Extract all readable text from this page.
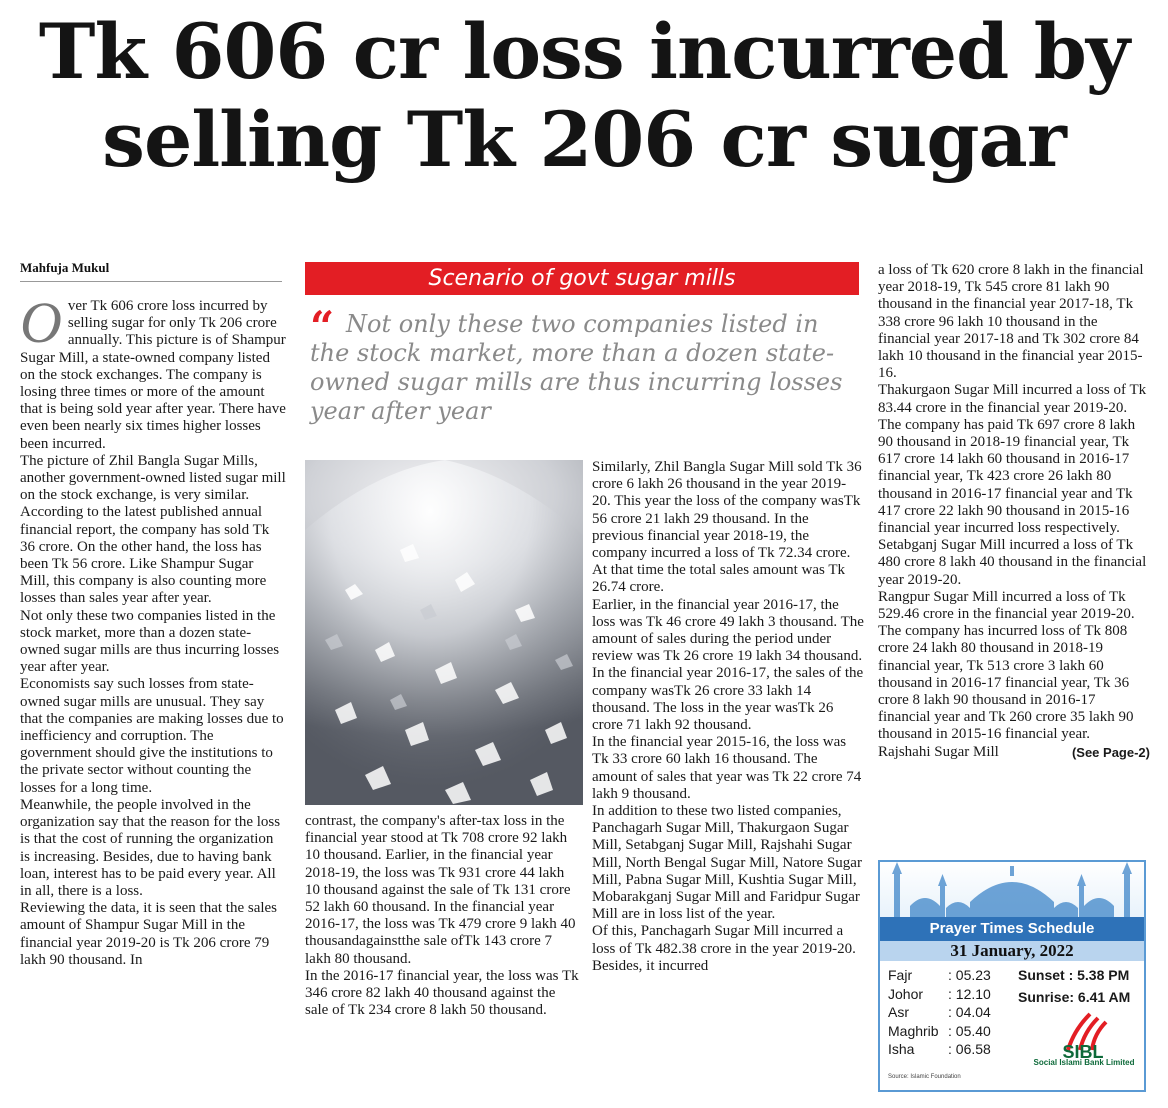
Tk 606 cr loss incurred by
selling Tk 206 cr sugar
Mahfuja Mukul

Over Tk 606 crore loss incurred by selling sugar for only Tk 206 crore annually. This picture is of Shampur Sugar Mill, a state-owned company listed on the stock exchanges. The company is losing three times or more of the amount that is being sold year after year. There have even been nearly six times higher losses been incurred.

The picture of Zhil Bangla Sugar Mills, another government-owned listed sugar mill on the stock exchange, is very similar. According to the latest published annual financial report, the company has sold Tk 36 crore. On the other hand, the loss has been Tk 56 crore. Like Shampur Sugar Mill, this company is also counting more losses than sales year after year.

Not only these two companies listed in the stock market, more than a dozen state-owned sugar mills are thus incurring losses year after year.

Economists say such losses from state-owned sugar mills are unusual. They say that the companies are making losses due to inefficiency and corruption. The government should give the institutions to the private sector without counting the losses for a long time.

Meanwhile, the people involved in the organization say that the reason for the loss is that the cost of running the organization is increasing. Besides, due to having bank loan, interest has to be paid every year. All in all, there is a loss.

Reviewing the data, it is seen that the sales amount of Shampur Sugar Mill in the financial year 2019-20 is Tk 206 crore 79 lakh 90 thousand. In

Scenario of govt sugar mills
“ Not only these two companies listed in the stock market, more than a dozen state-owned sugar mills are thus incurring losses year after year

contrast, the company's after-tax loss in the financial year stood at Tk 708 crore 92 lakh 10 thousand. Earlier, in the financial year 2018-19, the loss was Tk 931 crore 44 lakh 10 thousand against the sale of Tk 131 crore 52 lakh 60 thousand. In the financial year 2016-17, the loss was Tk 479 crore 9 lakh 40 thousandagainstthe sale ofTk 143 crore 7 lakh 80 thousand.

In the 2016-17 financial year, the loss was Tk 346 crore 82 lakh 40 thousand against the sale of Tk 234 crore 8 lakh 50 thousand.

Similarly, Zhil Bangla Sugar Mill sold Tk 36 crore 6 lakh 26 thousand in the year 2019-20. This year the loss of the company wasTk 56 crore 21 lakh 29 thousand. In the previous financial year 2018-19, the company incurred a loss of Tk 72.34 crore. At that time the total sales amount was Tk 26.74 crore.

Earlier, in the financial year 2016-17, the loss was Tk 46 crore 49 lakh 3 thousand. The amount of sales during the period under review was Tk 26 crore 19 lakh 34 thousand. In the financial year 2016-17, the sales of the company wasTk 26 crore 33 lakh 14 thousand. The loss in the year wasTk 26 crore 71 lakh 92 thousand.

In the financial year 2015-16, the loss was Tk 33 crore 60 lakh 16 thousand. The amount of sales that year was Tk 22 crore 74 lakh 9 thousand.

In addition to these two listed companies, Panchagarh Sugar Mill, Thakurgaon Sugar Mill, Setabganj Sugar Mill, Rajshahi Sugar Mill, North Bengal Sugar Mill, Natore Sugar Mill, Pabna Sugar Mill, Kushtia Sugar Mill, Mobarakganj Sugar Mill and Faridpur Sugar Mill are in loss list of the year.

Of this, Panchagarh Sugar Mill incurred a loss of Tk 482.38 crore in the year 2019-20. Besides, it incurred

a loss of Tk 620 crore 8 lakh in the financial year 2018-19, Tk 545 crore 81 lakh 90 thousand in the financial year 2017-18, Tk 338 crore 96 lakh 10 thousand in the financial year 2017-18 and Tk 302 crore 84 lakh 10 thousand in the financial year 2015-16.

Thakurgaon Sugar Mill incurred a loss of Tk 83.44 crore in the financial year 2019-20. The company has paid Tk 697 crore 8 lakh 90 thousand in 2018-19 financial year, Tk 617 crore 14 lakh 60 thousand in 2016-17 financial year, Tk 423 crore 26 lakh 80 thousand in 2016-17 financial year and Tk 417 crore 22 lakh 90 thousand in 2015-16 financial year incurred loss respectively.

Setabganj Sugar Mill incurred a loss of Tk 480 crore 8 lakh 40 thousand in the financial year 2019-20.

Rangpur Sugar Mill incurred a loss of Tk 529.46 crore in the financial year 2019-20. The company has incurred loss of Tk 808 crore 24 lakh 80 thousand in 2018-19 financial year, Tk 513 crore 3 lakh 60 thousand in 2016-17 financial year, Tk 36 crore 8 lakh 90 thousand in 2016-17 financial year and Tk 260 crore 35 lakh 90 thousand in 2015-16 financial year.

Rajshahi Sugar Mill	(See Page-2)

Prayer Times Schedule
31 January, 2022
Fajr	: 05.23
Johor	: 12.10
Asr	: 04.04
Maghrib : 05.40
Isha	: 06.58
Sunset : 5.38 PM
Sunrise: 6.41 AM
SIBL
Social Islami Bank Limited
Source: Islamic Foundation
